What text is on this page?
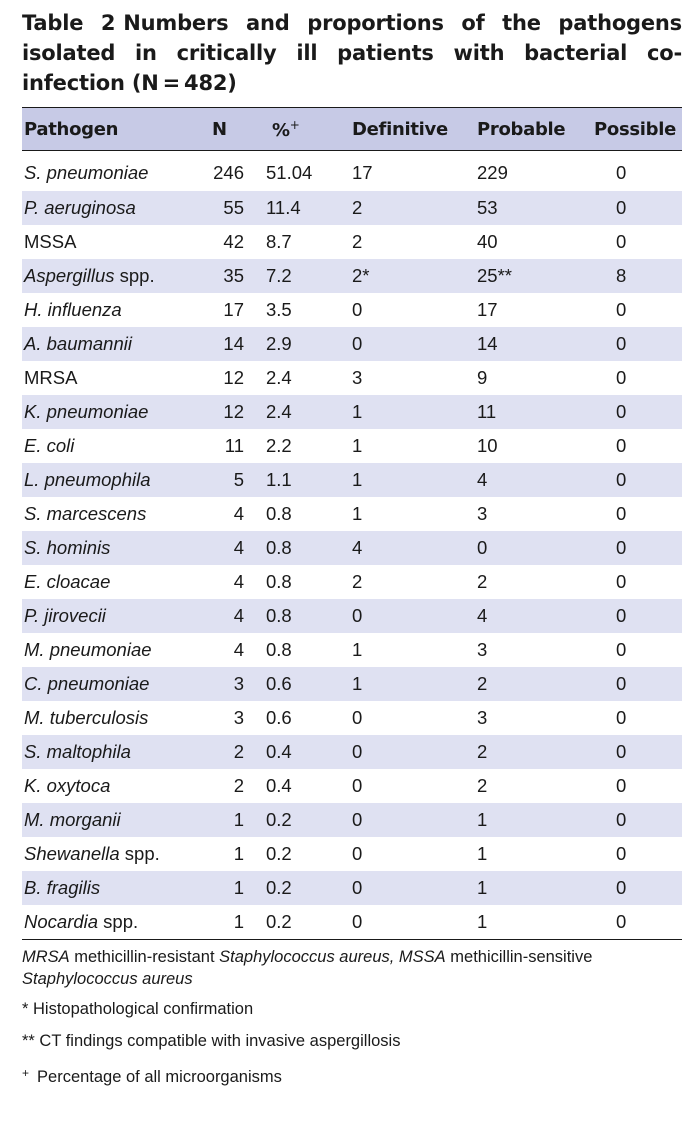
Table 2 Numbers and proportions of the pathogens isolated in critically ill patients with bacterial co-infection (N = 482)
Pathogen	N	%+	Definitive	Probable	Possible
S. pneumoniae	246	51.04	17	229	0
P. aeruginosa	55	11.4	2	53	0
MSSA	42	8.7	2	40	0
Aspergillus spp.	35	7.2	2*	25**	8
H. influenza	17	3.5	0	17	0
A. baumannii	14	2.9	0	14	0
MRSA	12	2.4	3	9	0
K. pneumoniae	12	2.4	1	11	0
E. coli	11	2.2	1	10	0
L. pneumophila	5	1.1	1	4	0
S. marcescens	4	0.8	1	3	0
S. hominis	4	0.8	4	0	0
E. cloacae	4	0.8	2	2	0
P. jirovecii	4	0.8	0	4	0
M. pneumoniae	4	0.8	1	3	0
C. pneumoniae	3	0.6	1	2	0
M. tuberculosis	3	0.6	0	3	0
S. maltophila	2	0.4	0	2	0
K. oxytoca	2	0.4	0	2	0
M. morganii	1	0.2	0	1	0
Shewanella spp.	1	0.2	0	1	0
B. fragilis	1	0.2	0	1	0
Nocardia spp.	1	0.2	0	1	0

MRSA methicillin-resistant Staphylococcus aureus, MSSA methicillin-sensitive Staphylococcus aureus

* Histopathological confirmation

** CT findings compatible with invasive aspergillosis

+ Percentage of all microorganisms
